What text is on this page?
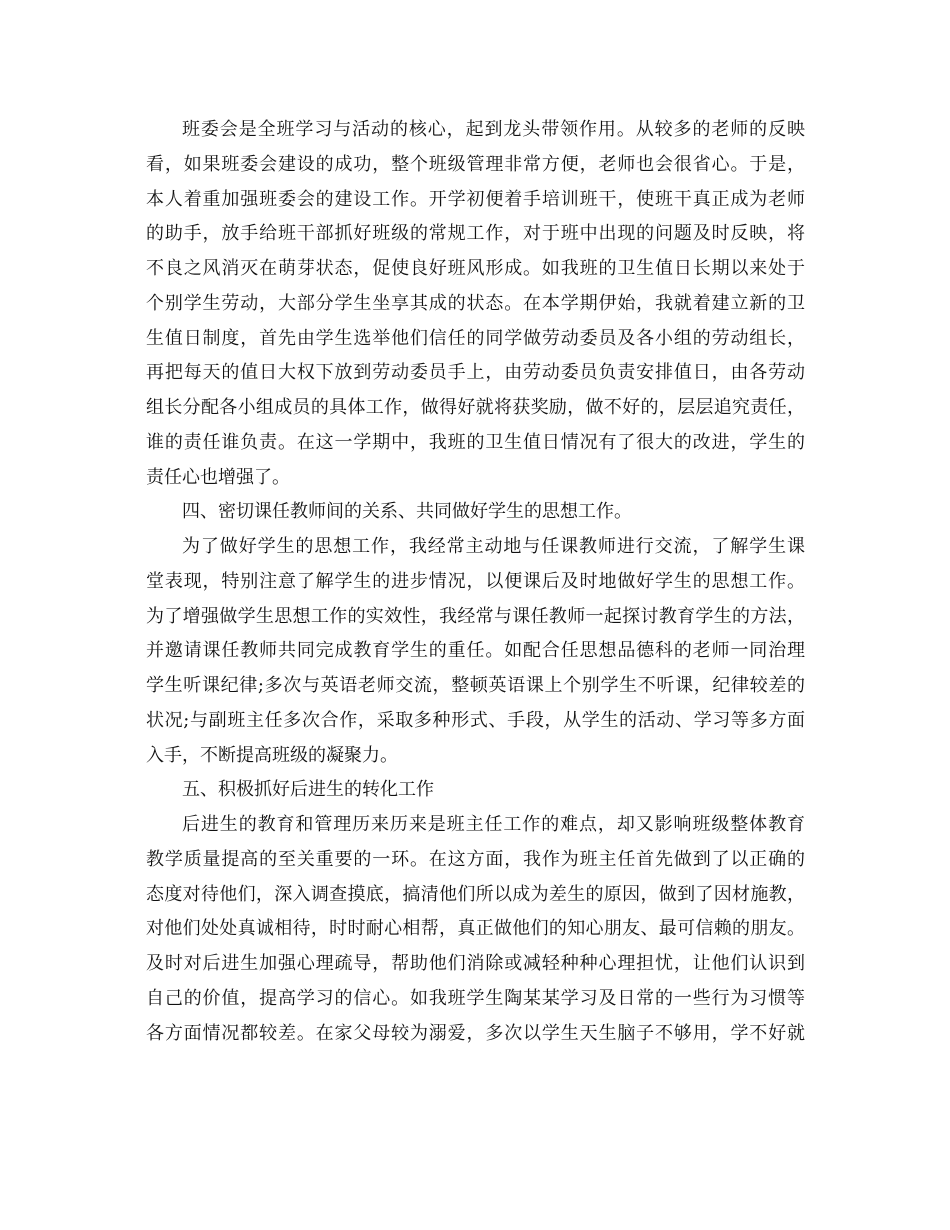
班委会是全班学习与活动的核心，起到龙头带领作用。从较多的老师的反映
看，如果班委会建设的成功，整个班级管理非常方便，老师也会很省心。于是，
本人着重加强班委会的建设工作。开学初便着手培训班干，使班干真正成为老师
的助手，放手给班干部抓好班级的常规工作，对于班中出现的问题及时反映，将
不良之风消灭在萌芽状态，促使良好班风形成。如我班的卫生值日长期以来处于
个别学生劳动，大部分学生坐享其成的状态。在本学期伊始，我就着建立新的卫
生值日制度，首先由学生选举他们信任的同学做劳动委员及各小组的劳动组长，
再把每天的值日大权下放到劳动委员手上，由劳动委员负责安排值日，由各劳动
组长分配各小组成员的具体工作，做得好就将获奖励，做不好的，层层追究责任，
谁的责任谁负责。在这一学期中，我班的卫生值日情况有了很大的改进，学生的
责任心也增强了。
四、密切课任教师间的关系、共同做好学生的思想工作。
为了做好学生的思想工作，我经常主动地与任课教师进行交流，了解学生课
堂表现，特别注意了解学生的进步情况，以便课后及时地做好学生的思想工作。
为了增强做学生思想工作的实效性，我经常与课任教师一起探讨教育学生的方法，
并邀请课任教师共同完成教育学生的重任。如配合任思想品德科的老师一同治理
学生听课纪律;多次与英语老师交流，整顿英语课上个别学生不听课，纪律较差的
状况;与副班主任多次合作，采取多种形式、手段，从学生的活动、学习等多方面
入手，不断提高班级的凝聚力。
五、积极抓好后进生的转化工作
后进生的教育和管理历来历来是班主任工作的难点，却又影响班级整体教育
教学质量提高的至关重要的一环。在这方面，我作为班主任首先做到了以正确的
态度对待他们，深入调查摸底，搞清他们所以成为差生的原因，做到了因材施教，
对他们处处真诚相待，时时耐心相帮，真正做他们的知心朋友、最可信赖的朋友。
及时对后进生加强心理疏导，帮助他们消除或减轻种种心理担忧，让他们认识到
自己的价值，提高学习的信心。如我班学生陶某某学习及日常的一些行为习惯等
各方面情况都较差。在家父母较为溺爱，多次以学生天生脑子不够用，学不好就
